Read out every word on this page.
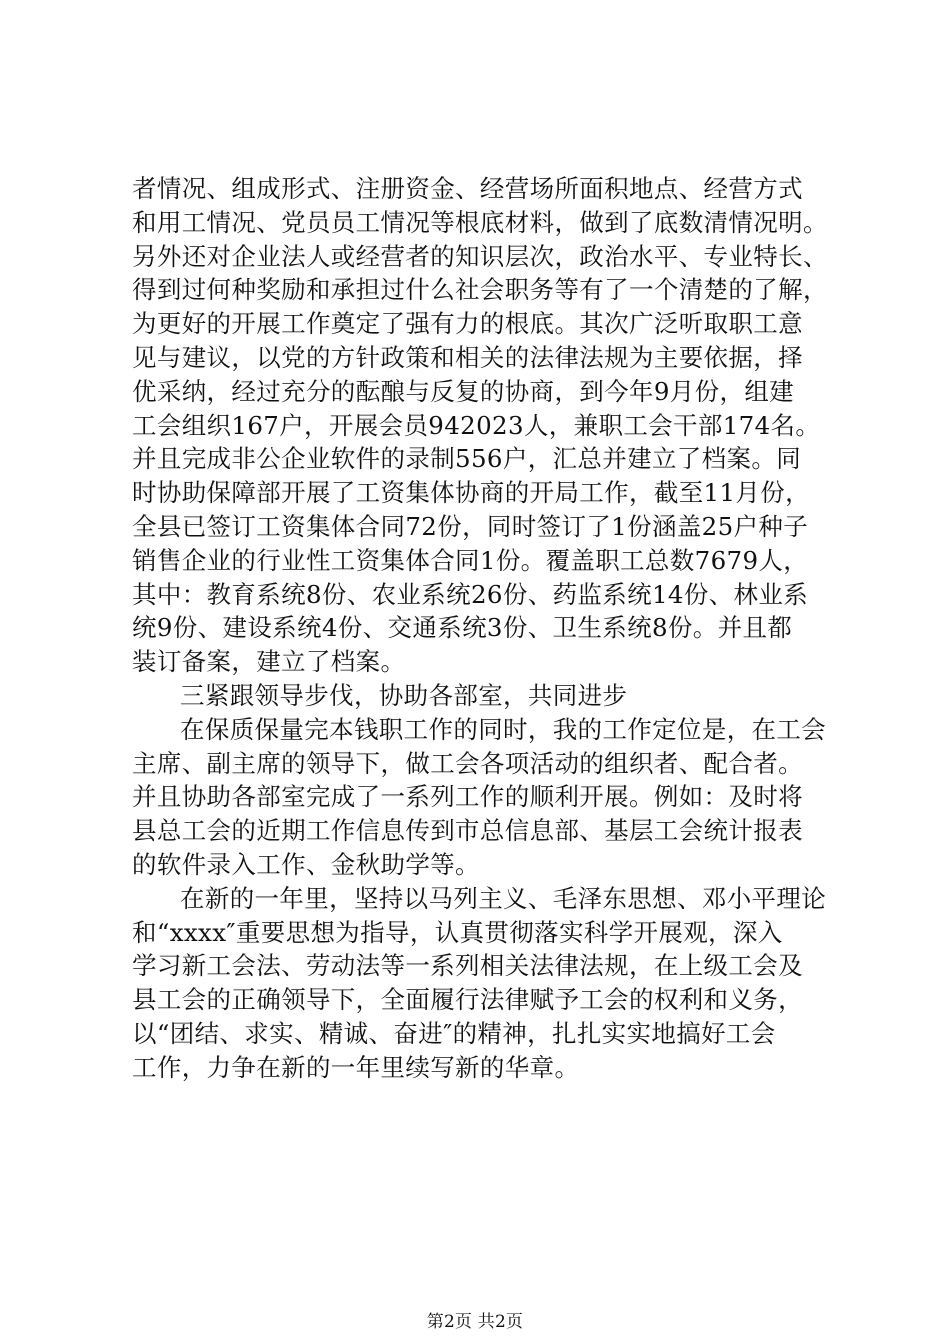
者情况、组成形式、注册资金、经营场所面积地点、经营方式
和用工情况、党员员工情况等根底材料，做到了底数清情况明。
另外还对企业法人或经营者的知识层次，政治水平、专业特长、
得到过何种奖励和承担过什么社会职务等有了一个清楚的了解，
为更好的开展工作奠定了强有力的根底。其次广泛听取职工意
见与建议，以党的方针政策和相关的法律法规为主要依据，择
优采纳，经过充分的酝酿与反复的协商，到今年9月份，组建
工会组织167户，开展会员942023人，兼职工会干部174名。
并且完成非公企业软件的录制556户，汇总并建立了档案。同
时协助保障部开展了工资集体协商的开局工作，截至11月份，
全县已签订工资集体合同72份，同时签订了1份涵盖25户种子
销售企业的行业性工资集体合同1份。覆盖职工总数7679人，
其中：教育系统8份、农业系统26份、药监系统14份、林业系
统9份、建设系统4份、交通系统3份、卫生系统8份。并且都
装订备案，建立了档案。
三紧跟领导步伐，协助各部室，共同进步
在保质保量完本钱职工作的同时，我的工作定位是，在工会
主席、副主席的领导下，做工会各项活动的组织者、配合者。
并且协助各部室完成了一系列工作的顺利开展。例如：及时将
县总工会的近期工作信息传到市总信息部、基层工会统计报表
的软件录入工作、金秋助学等。
在新的一年里，坚持以马列主义、毛泽东思想、邓小平理论
和“xxxx″重要思想为指导，认真贯彻落实科学开展观，深入
学习新工会法、劳动法等一系列相关法律法规，在上级工会及
县工会的正确领导下，全面履行法律赋予工会的权利和义务，
以“团结、求实、精诚、奋进″的精神，扎扎实实地搞好工会
工作，力争在新的一年里续写新的华章。
第2页 共2页
